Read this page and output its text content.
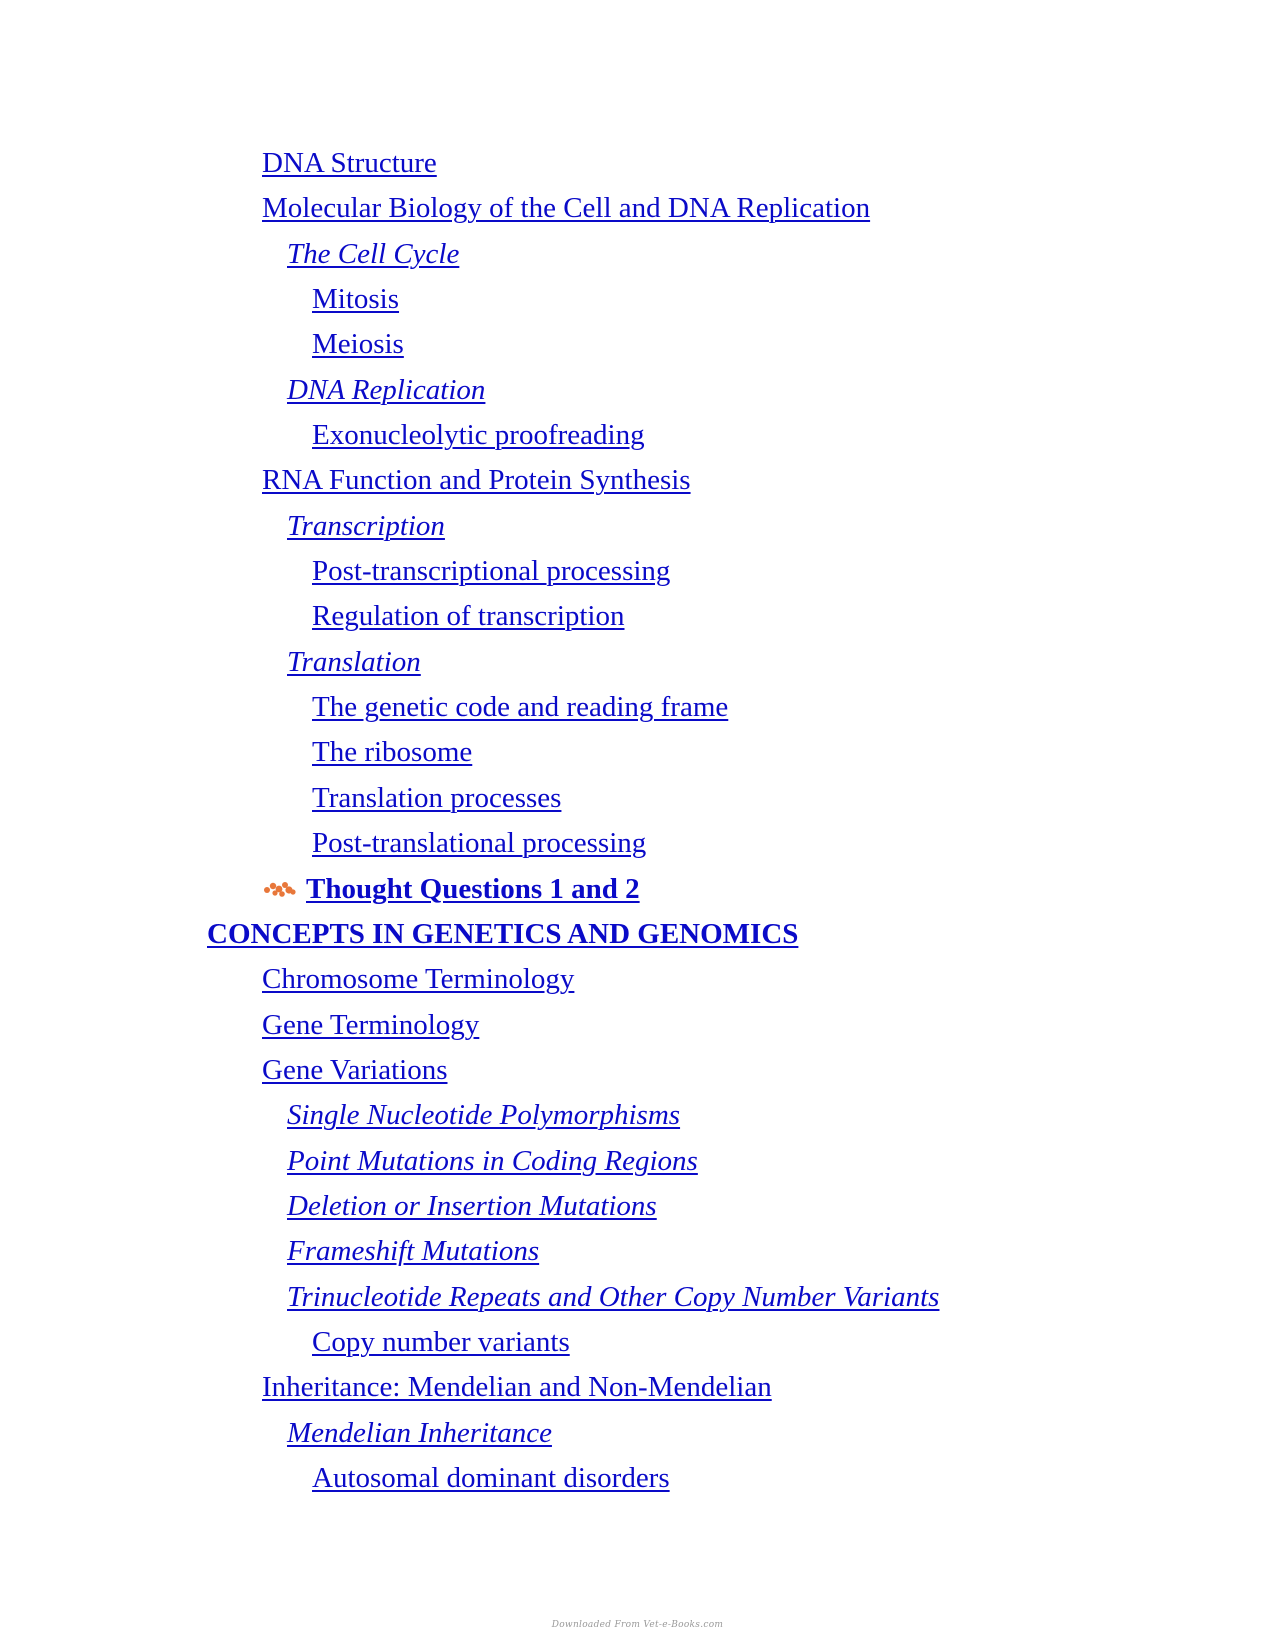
DNA Structure
Molecular Biology of the Cell and DNA Replication
The Cell Cycle
Mitosis
Meiosis
DNA Replication
Exonucleolytic proofreading
RNA Function and Protein Synthesis
Transcription
Post-transcriptional processing
Regulation of transcription
Translation
The genetic code and reading frame
The ribosome
Translation processes
Post-translational processing
Thought Questions 1 and 2
CONCEPTS IN GENETICS AND GENOMICS
Chromosome Terminology
Gene Terminology
Gene Variations
Single Nucleotide Polymorphisms
Point Mutations in Coding Regions
Deletion or Insertion Mutations
Frameshift Mutations
Trinucleotide Repeats and Other Copy Number Variants
Copy number variants
Inheritance: Mendelian and Non-Mendelian
Mendelian Inheritance
Autosomal dominant disorders
Downloaded From Vet-e-Books.com
